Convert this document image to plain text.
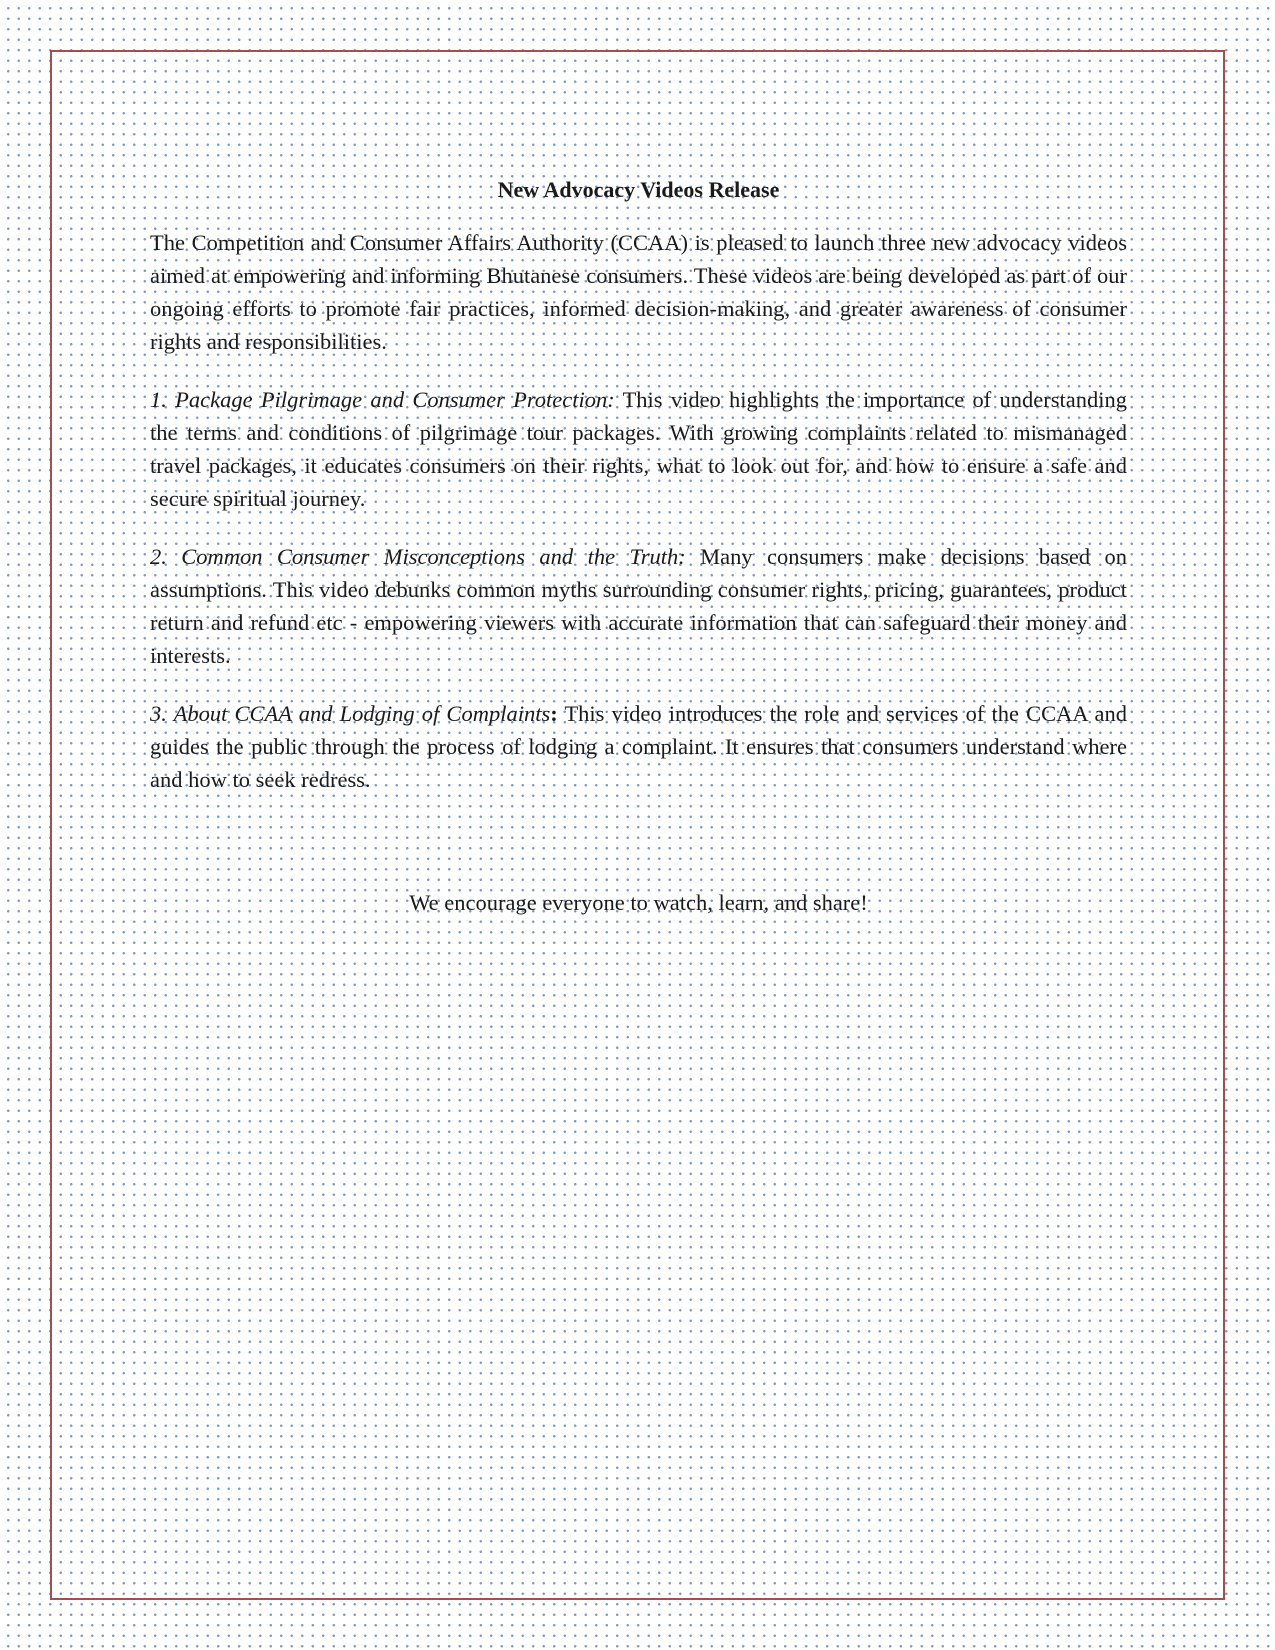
New Advocacy Videos Release

The Competition and Consumer Affairs Authority (CCAA) is pleased to launch three new advocacy videos aimed at empowering and informing Bhutanese consumers. These videos are being developed as part of our ongoing efforts to promote fair practices, informed decision-making, and greater awareness of consumer rights and responsibilities.

1. Package Pilgrimage and Consumer Protection: This video highlights the importance of understanding the terms and conditions of pilgrimage tour packages. With growing complaints related to mismanaged travel packages, it educates consumers on their rights, what to look out for, and how to ensure a safe and secure spiritual journey.

2. Common Consumer Misconceptions and the Truth: Many consumers make decisions based on assumptions. This video debunks common myths surrounding consumer rights, pricing, guarantees, product return and refund etc - empowering viewers with accurate information that can safeguard their money and interests.

3. About CCAA and Lodging of Complaints: This video introduces the role and services of the CCAA and guides the public through the process of lodging a complaint. It ensures that consumers understand where and how to seek redress.

We encourage everyone to watch, learn, and share!
